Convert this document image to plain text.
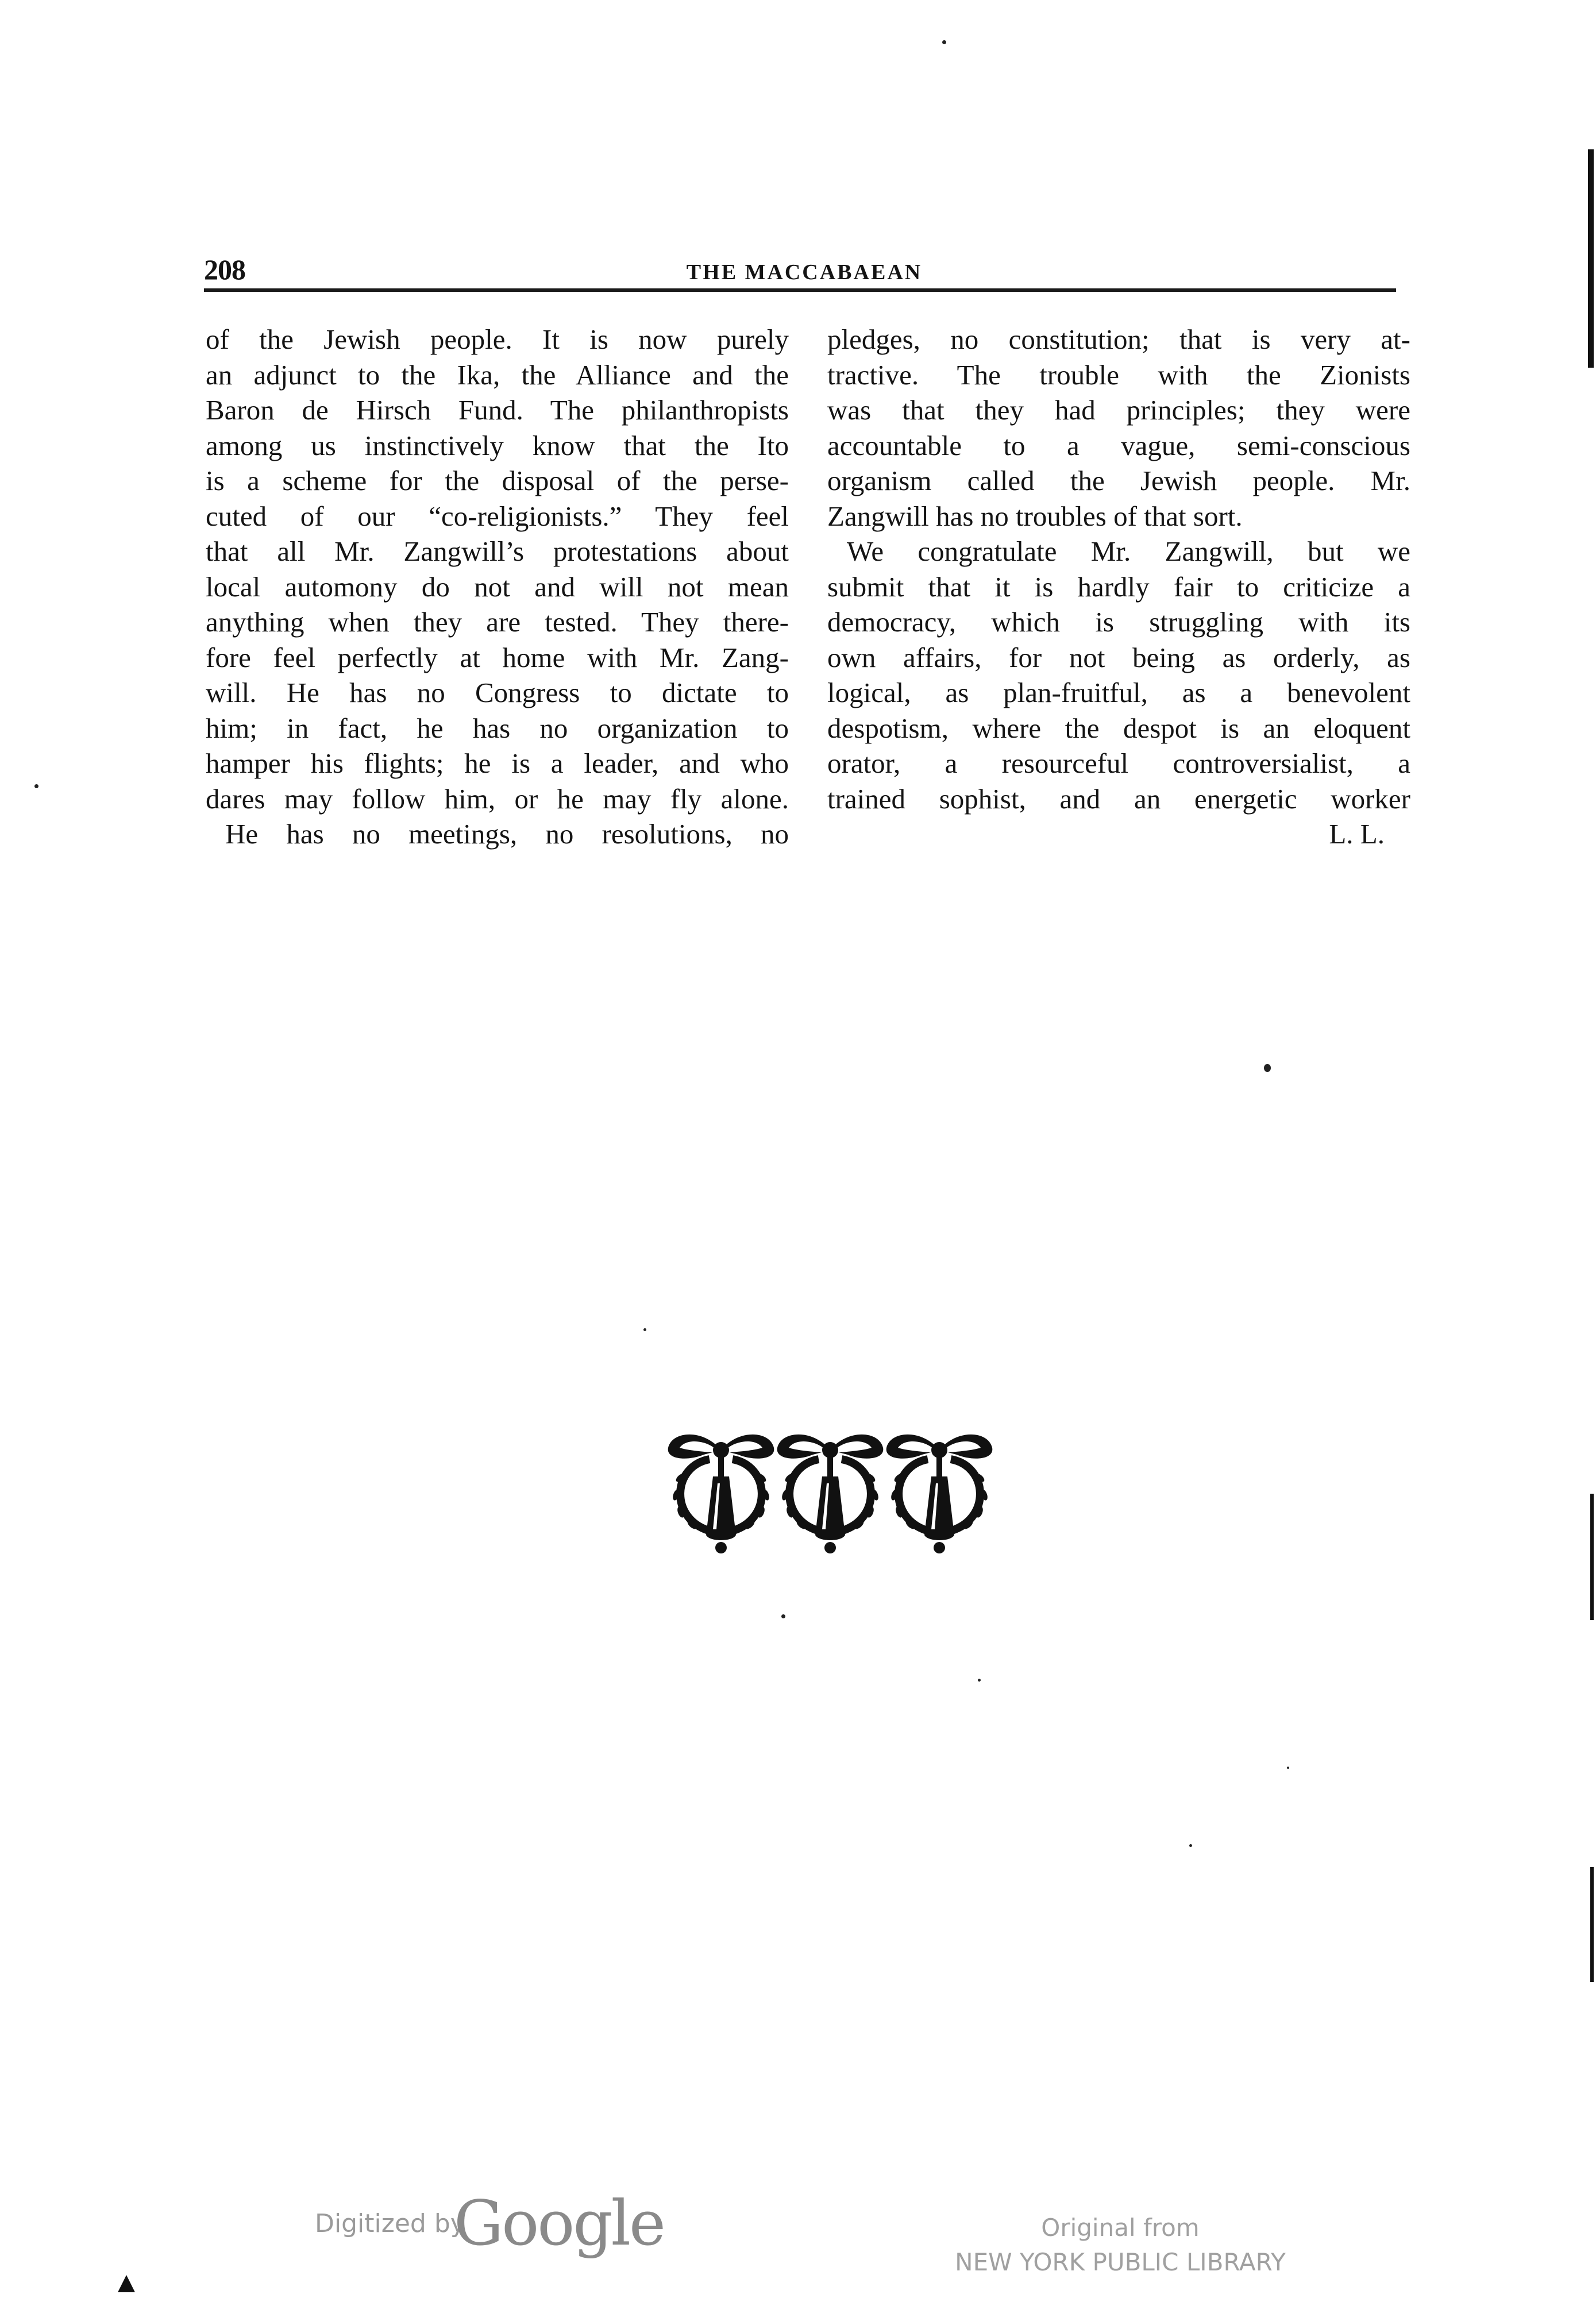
208	THE MACCABAEAN
of the Jewish people. It is now purely
an adjunct to the Ika, the Alliance and the
Baron de Hirsch Fund. The philanthropists
among us instinctively know that the Ito
is a scheme for the disposal of the perse-
cuted of our “co-religionists.” They feel
that all Mr. Zangwill’s protestations about
local automony do not and will not mean
anything when they are tested. They there-
fore feel perfectly at home with Mr. Zang-
will. He has no Congress to dictate to
him; in fact, he has no organization to
hamper his flights; he is a leader, and who
dares may follow him, or he may fly alone.
He has no meetings, no resolutions, no
pledges, no constitution; that is very at-
tractive. The trouble with the Zionists
was that they had principles; they were
accountable to a vague, semi-conscious
organism called the Jewish people. Mr.
Zangwill has no troubles of that sort.
We congratulate Mr. Zangwill, but we
submit that it is hardly fair to criticize a
democracy, which is struggling with its
own affairs, for not being as orderly, as
logical, as plan-fruitful, as a benevolent
despotism, where the despot is an eloquent
orator, a resourceful controversialist, a
trained sophist, and an energetic worker
L. L.
Digitized by
Google	Original from
NEW YORK PUBLIC LIBRARY
